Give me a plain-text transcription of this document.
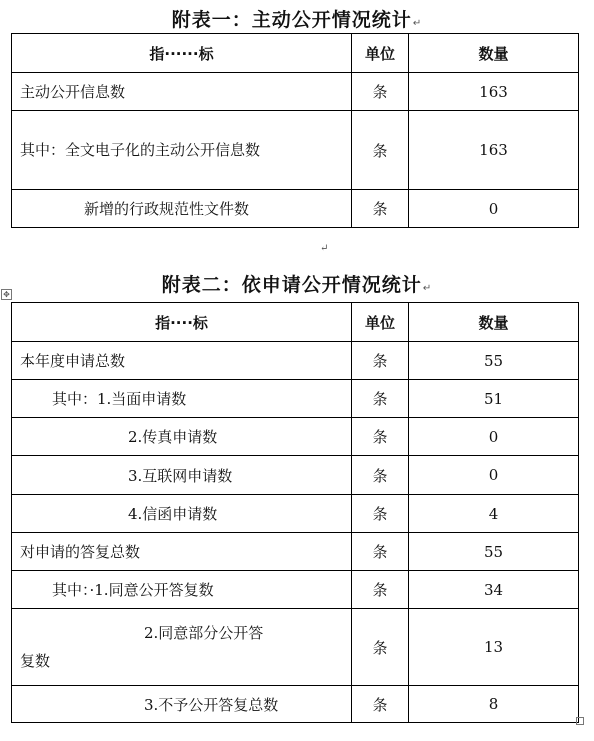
附表一：主动公开情况统计↵
指······标	单位	数量
主动公开信息数	条	163

其中：全文电子化的主动公开信息数	条	163
新增的行政规范性文件数	条	0
↵
附表二：依申请公开情况统计↵
✥
指····标	单位	数量
本年度申请总数	条	55
其中：1.当面申请数	条	51
2.传真申请数	条	0
3.互联网申请数	条	0
4.信函申请数	条	4
对申请的答复总数	条	55
其中：·1.同意公开答复数	条	34

2.同意部分公开答复数	条	13
3.不予公开答复总数	条	8
